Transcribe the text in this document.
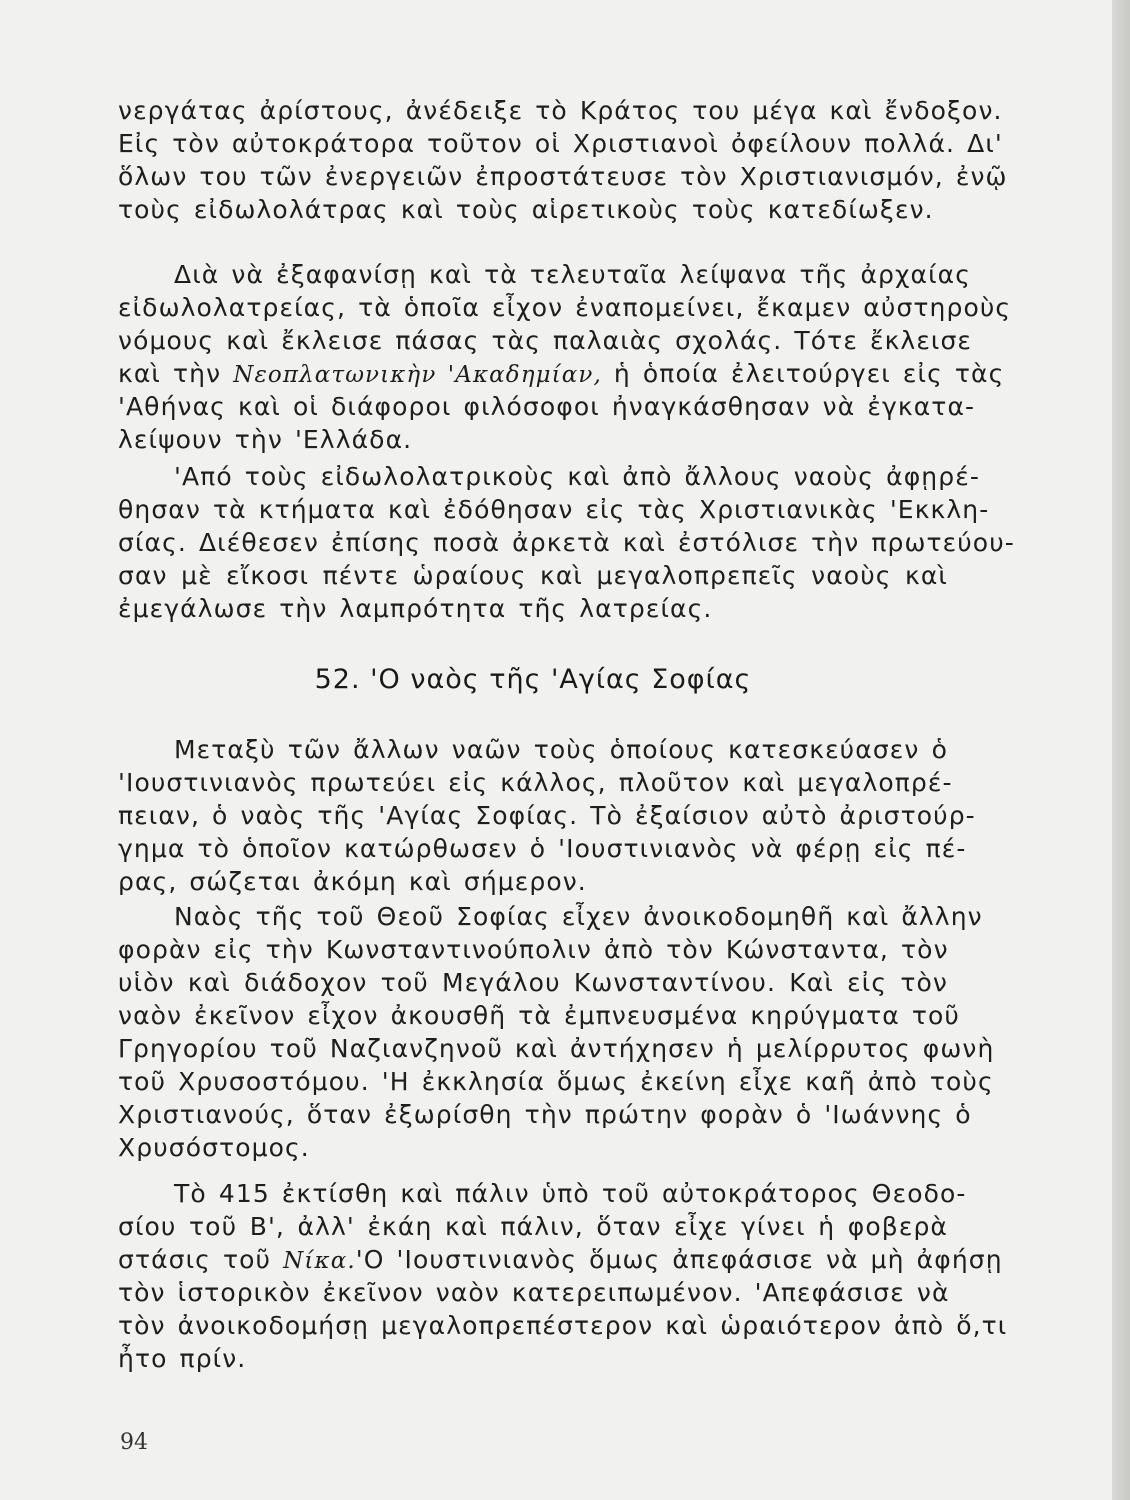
νεργάτας ἀρίστους, ἀνέδειξε τὸ Κράτος του μέγα καὶ ἔνδοξον.
Εἰς τὸν αὐτοκράτορα τοῦτον οἱ Χριστιανοὶ ὀφείλουν πολλά. Δι'
ὅλων του τῶν ἐνεργειῶν ἐπροστάτευσε τὸν Χριστιανισμόν, ἐνῷ
τοὺς εἰδωλολάτρας καὶ τοὺς αἱρετικοὺς τοὺς κατεδίωξεν.
Διὰ νὰ ἐξαφανίσῃ καὶ τὰ τελευταῖα λείψανα τῆς ἀρχαίας
εἰδωλολατρείας, τὰ ὁποῖα εἶχον ἐναπομείνει, ἔκαμεν αὐστηροὺς
νόμους καὶ ἔκλεισε πάσας τὰς παλαιὰς σχολάς. Τότε ἔκλεισε
καὶ τὴν Νεοπλατωνικὴν 'Ακαδημίαν, ἡ ὁποία ἐλειτούργει εἰς τὰς
'Αθήνας καὶ οἱ διάφοροι φιλόσοφοι ἠναγκάσθησαν νὰ ἐγκατα-
λείψουν τὴν 'Ελλάδα.
'Από τοὺς εἰδωλολατρικοὺς καὶ ἀπὸ ἄλλους ναοὺς ἀφῃρέ-
θησαν τὰ κτήματα καὶ ἐδόθησαν εἰς τὰς Χριστιανικὰς 'Εκκλη-
σίας. Διέθεσεν ἐπίσης ποσὰ ἀρκετὰ καὶ ἐστόλισε τὴν πρωτεύου-
σαν μὲ εἴκοσι πέντε ὡραίους καὶ μεγαλοπρεπεῖς ναοὺς καὶ
ἐμεγάλωσε τὴν λαμπρότητα τῆς λατρείας.
52. 'Ο ναὸς τῆς 'Αγίας Σοφίας
Μεταξὺ τῶν ἄλλων ναῶν τοὺς ὁποίους κατεσκεύασεν ὁ
'Ιουστινιανὸς πρωτεύει εἰς κάλλος, πλοῦτον καὶ μεγαλοπρέ-
πειαν, ὁ ναὸς τῆς 'Αγίας Σοφίας. Τὸ ἐξαίσιον αὐτὸ ἀριστούρ-
γημα τὸ ὁποῖον κατώρθωσεν ὁ 'Ιουστινιανὸς νὰ φέρῃ εἰς πέ-
ρας, σώζεται ἀκόμη καὶ σήμερον.
Ναὸς τῆς τοῦ Θεοῦ Σοφίας εἶχεν ἀνοικοδομηθῆ καὶ ἄλλην
φορὰν εἰς τὴν Κωνσταντινούπολιν ἀπὸ τὸν Κώνσταντα, τὸν
υἱὸν καὶ διάδοχον τοῦ Μεγάλου Κωνσταντίνου. Καὶ εἰς τὸν
ναὸν ἐκεῖνον εἶχον ἀκουσθῆ τὰ ἐμπνευσμένα κηρύγματα τοῦ
Γρηγορίου τοῦ Ναζιανζηνοῦ καὶ ἀντήχησεν ἡ μελίρρυτος φωνὴ
τοῦ Χρυσοστόμου. 'Η ἐκκλησία ὅμως ἐκείνη εἶχε καῆ ἀπὸ τοὺς
Χριστιανούς, ὅταν ἐξωρίσθη τὴν πρώτην φορὰν ὁ 'Ιωάννης ὁ
Χρυσόστομος.
Τὸ 415 ἐκτίσθη καὶ πάλιν ὑπὸ τοῦ αὐτοκράτορος Θεοδο-
σίου τοῦ Β', ἀλλ' ἐκάη καὶ πάλιν, ὅταν εἶχε γίνει ἡ φοβερὰ
στάσις τοῦ Νίκα.'Ο 'Ιουστινιανὸς ὅμως ἀπεφάσισε νὰ μὴ ἀφήσῃ
τὸν ἱστορικὸν ἐκεῖνον ναὸν κατερειπωμένον. 'Απεφάσισε νὰ
τὸν ἀνοικοδομήσῃ μεγαλοπρεπέστερον καὶ ὡραιότερον ἀπὸ ὅ,τι
ἦτο πρίν.
94
